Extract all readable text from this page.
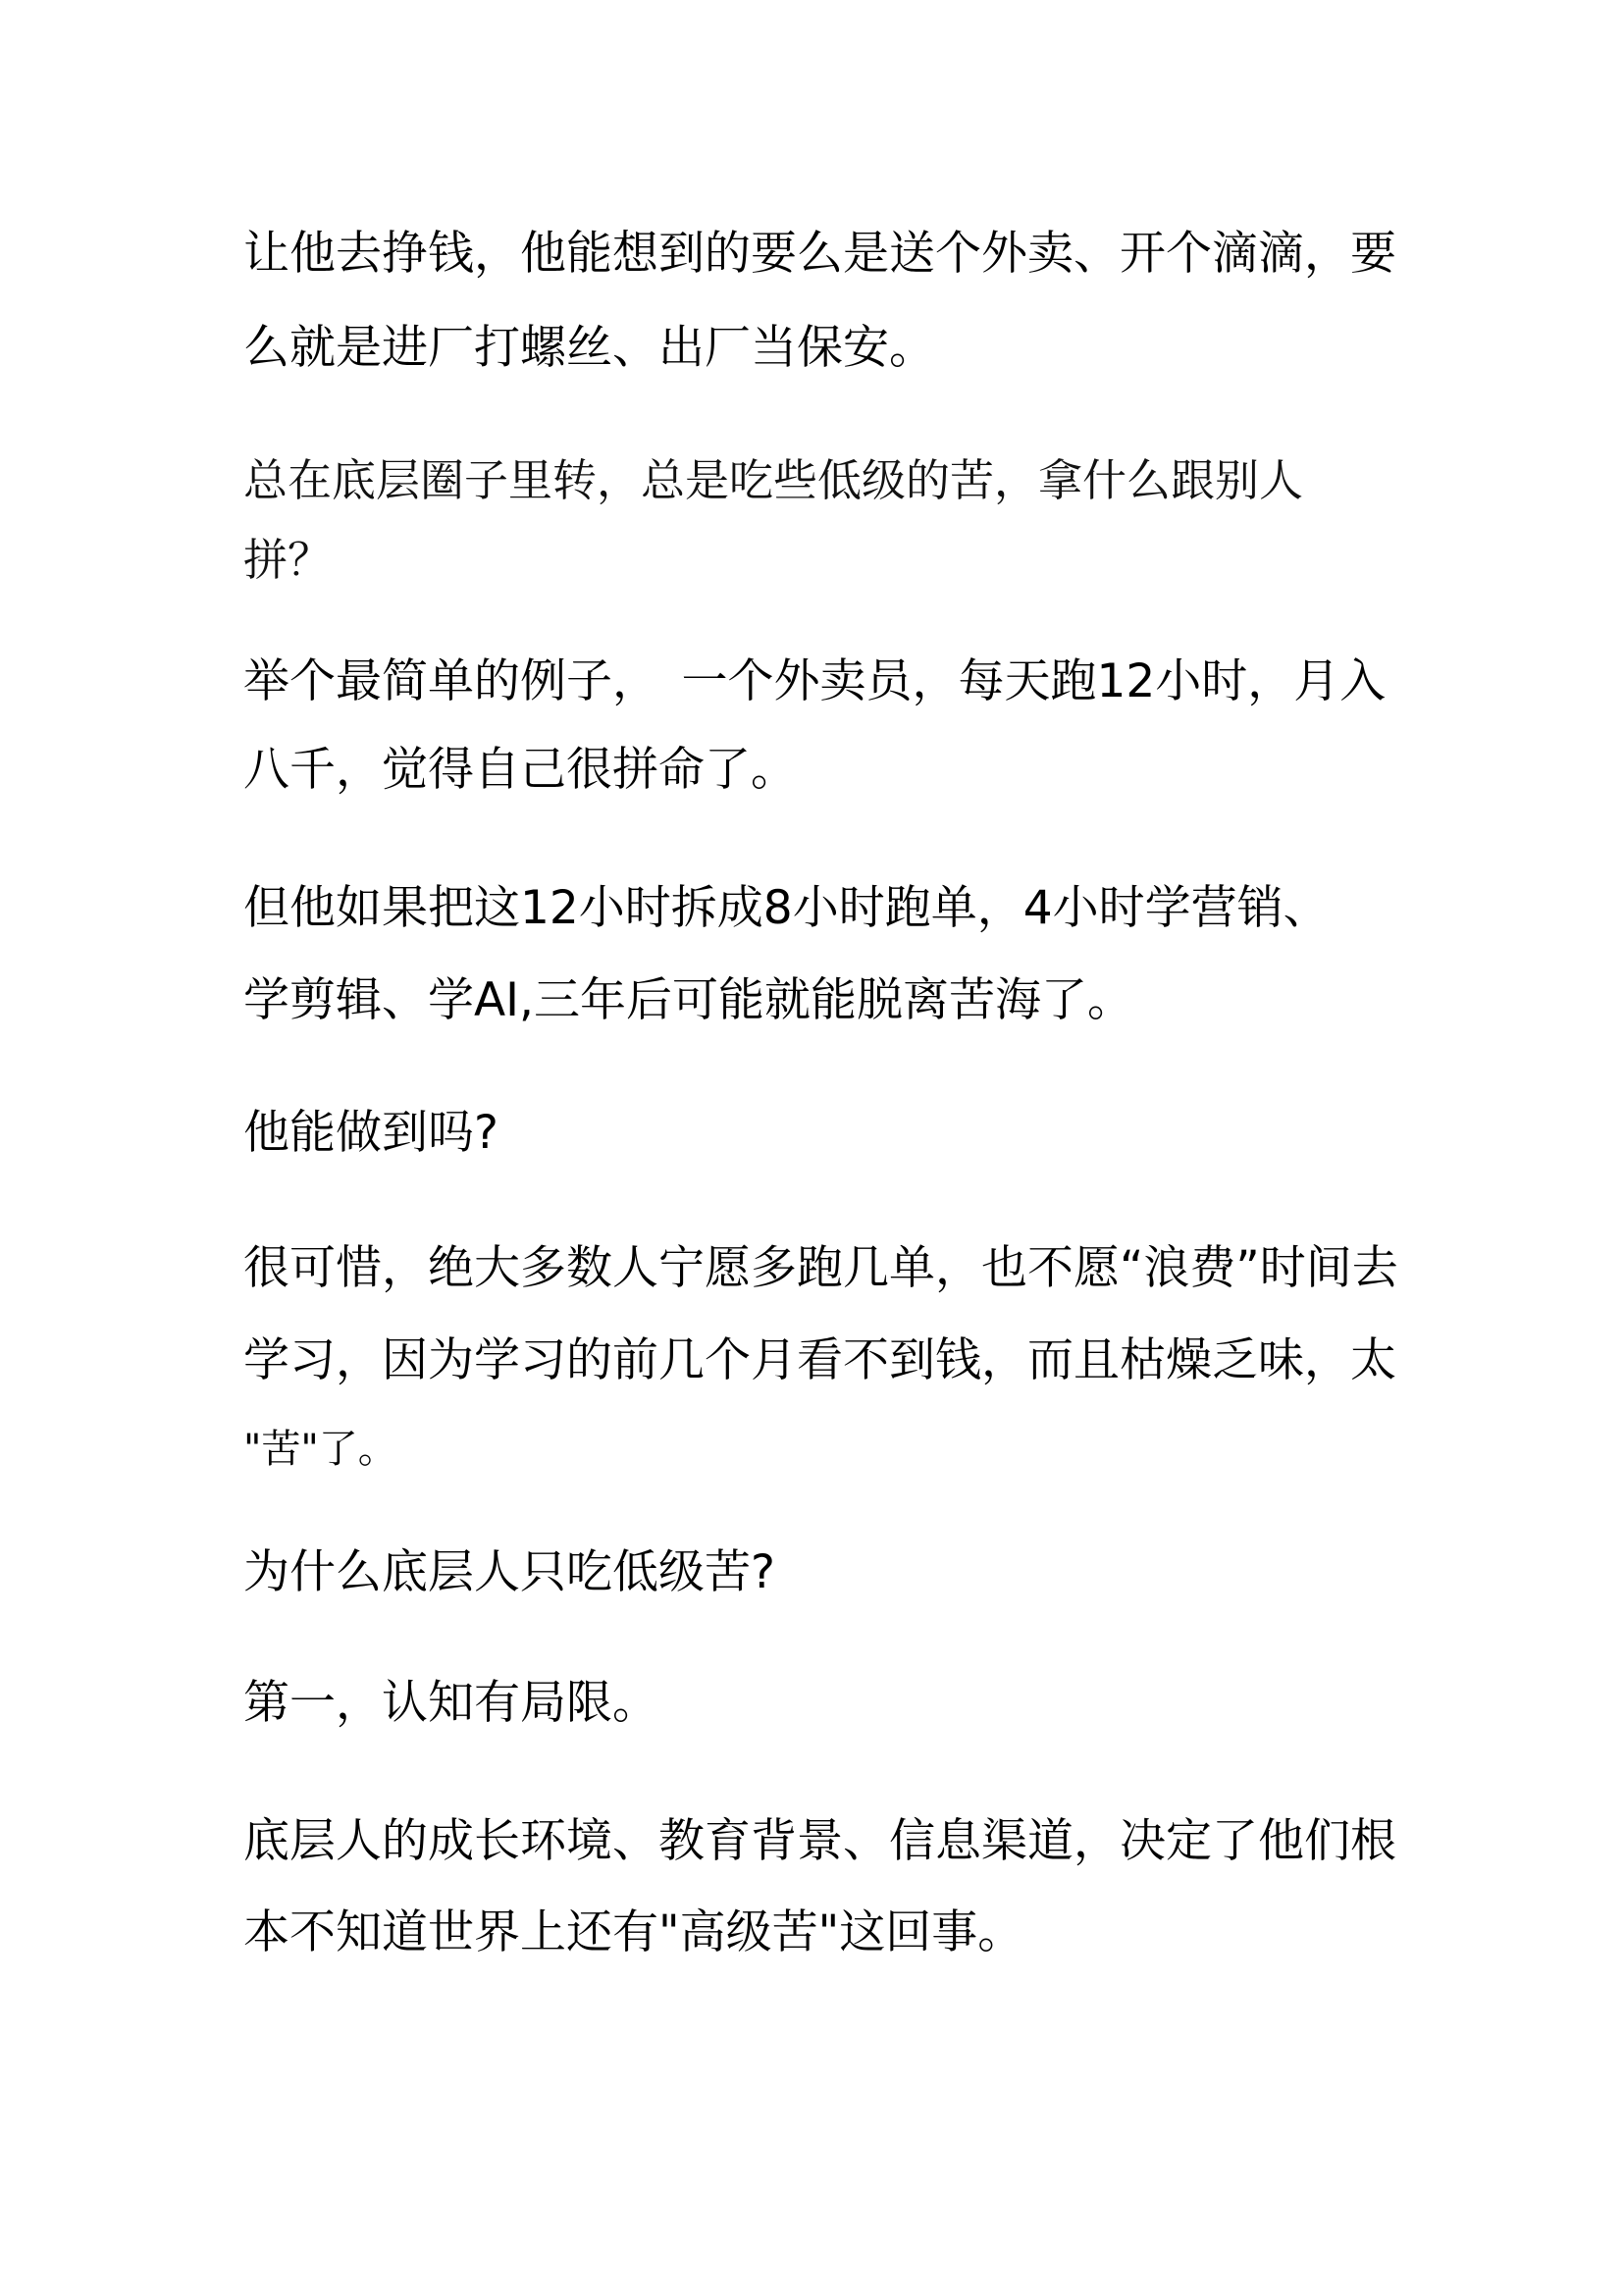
让他去挣钱，他能想到的要么是送个外卖、开个滴滴，要
么就是进厂打螺丝、出厂当保安。
总在底层圈子里转，总是吃些低级的苦，拿什么跟别人
拼？
举个最简单的例子，　一个外卖员，每天跑12小时，月入
八千，觉得自己很拼命了。
但他如果把这12小时拆成8小时跑单，4小时学营销、
学剪辑、学AI,三年后可能就能脱离苦海了。
他能做到吗?
很可惜，绝大多数人宁愿多跑几单，也不愿“浪费”时间去
学习，因为学习的前几个月看不到钱，而且枯燥乏味，太
"苦"了。
为什么底层人只吃低级苦?
第一，认知有局限。
底层人的成长环境、教育背景、信息渠道，决定了他们根
本不知道世界上还有"高级苦"这回事。
